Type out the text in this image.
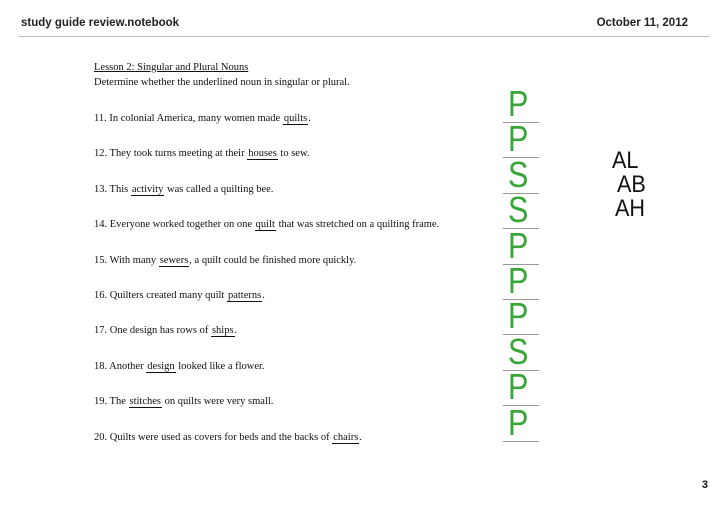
study guide review.notebook	October 11, 2012
Lesson 2: Singular and Plural Nouns
Determine whether the underlined noun in singular or plural.
11. In colonial America, many women made quilts.
12. They took turns meeting at their houses to sew.
13. This activity was called a quilting bee.
14. Everyone worked together on one quilt that was stretched on a quilting frame.
15. With many sewers, a quilt could be finished more quickly.
16. Quilters created many quilt patterns.
17. One design has rows of ships.
18. Another design looked like a flower.
19. The stitches on quilts were very small.
20. Quilts were used as covers for beds and the backs of chairs.
P
P
S
S
P
P
P
S
P
P
AL
AB
AH
3
